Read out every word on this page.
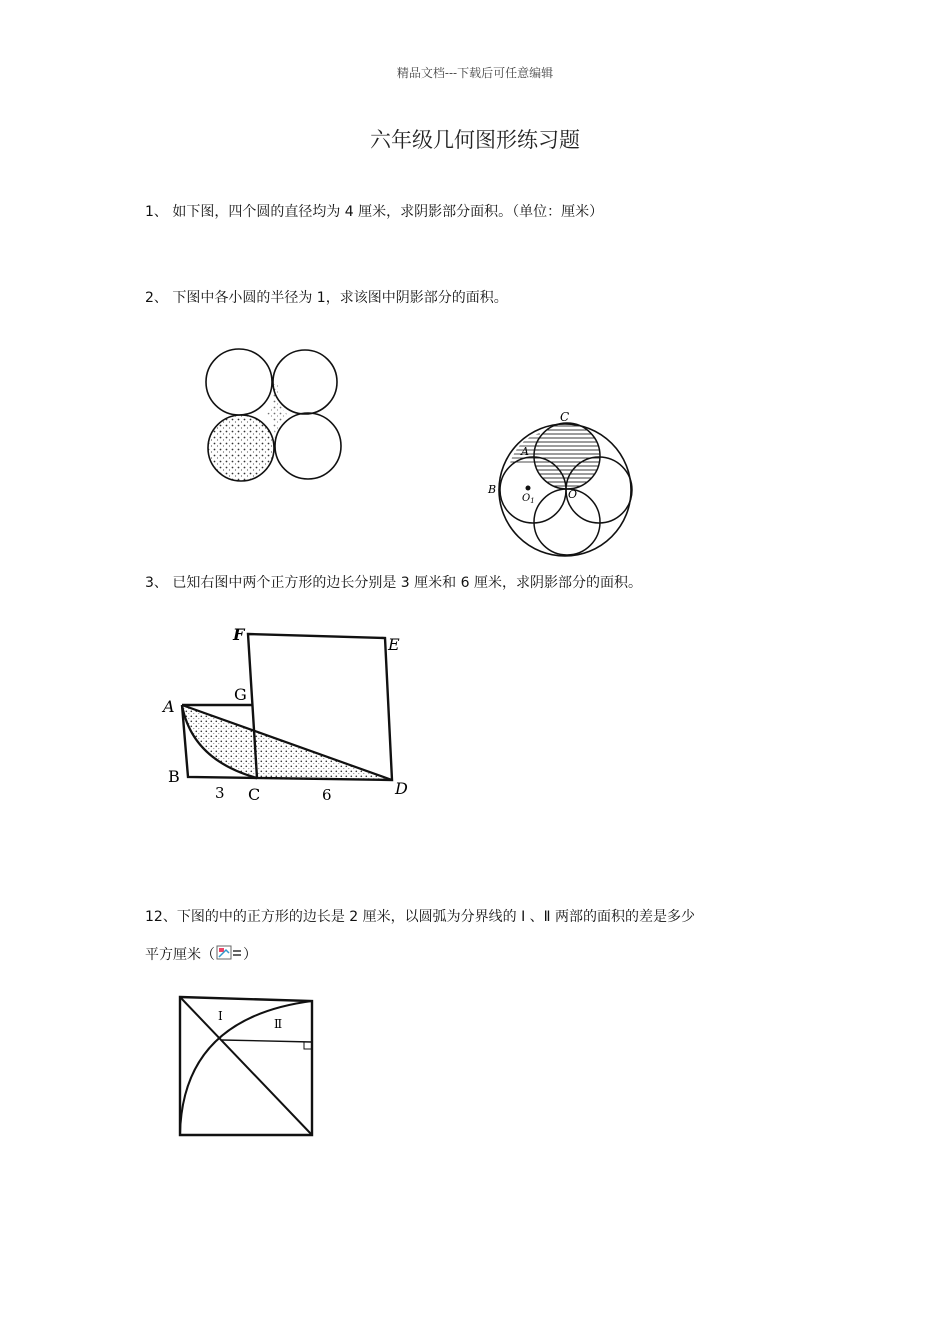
精品文档---下载后可任意编辑
六年级几何图形练习题
1、 如下图，四个圆的直径均为 4 厘米，求阴影部分面积。（单位：厘米）
2、 下图中各小圆的半径为 1，求该图中阴影部分的面积。
C
A
B
$O_1$	O
3、 已知右图中两个正方形的边长分别是 3 厘米和 6 厘米，求阴影部分的面积。
F
E
G
A
B
C	D
3	6
12、下图的中的正方形的边长是 2 厘米，以圆弧为分界线的 Ⅰ 、Ⅱ 两部的面积的差是多少
平方厘米（ ）
Ⅰ
Ⅱ
